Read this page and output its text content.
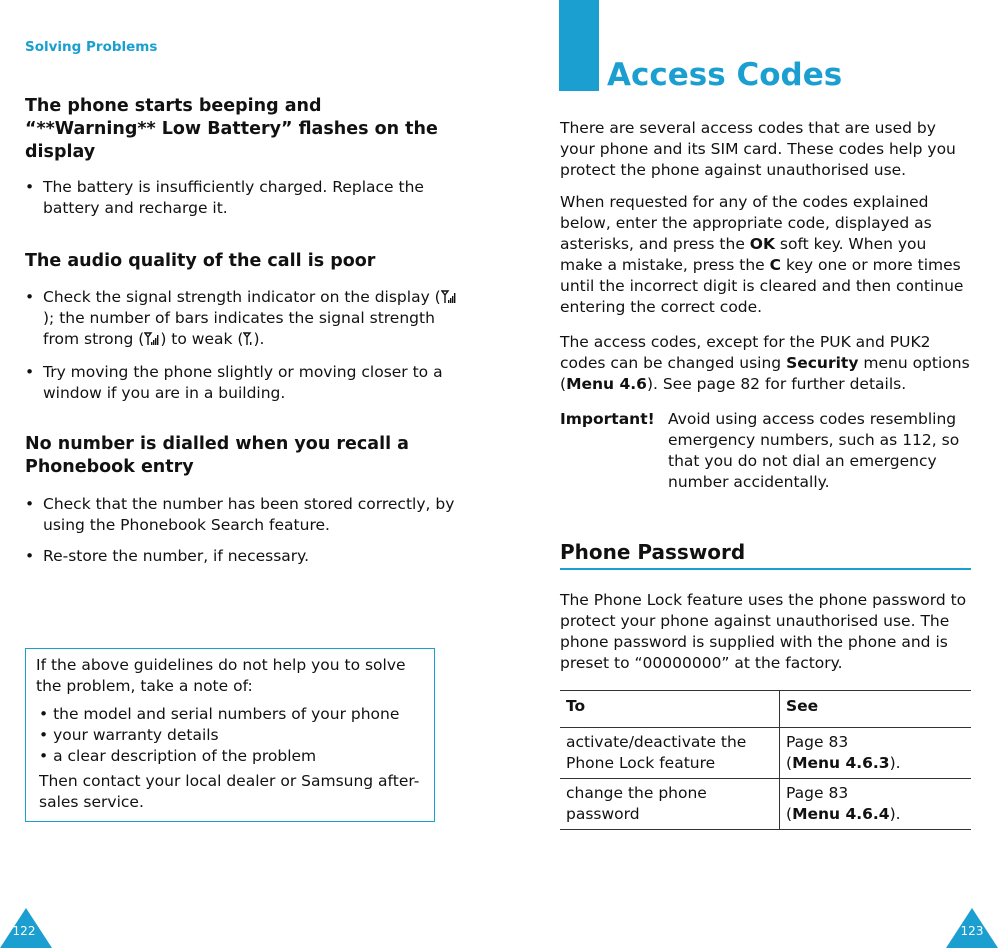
Solving Problems
The phone starts beeping and “**Warning** Low Battery” flashes on the display
• The battery is insufficiently charged. Replace the battery and recharge it.
The audio quality of the call is poor
• Check the signal strength indicator on the display (); the number of bars indicates the signal strength from strong ( ) to weak ( ).
• Try moving the phone slightly or moving closer to a window if you are in a building.
No number is dialled when you recall a Phonebook entry
• Check that the number has been stored correctly, by using the Phonebook Search feature.
• Re-store the number, if necessary.
If the above guidelines do not help you to solve the problem, take a note of:
• the model and serial numbers of your phone
• your warranty details
• a clear description of the problem
Then contact your local dealer or Samsung after-sales service.
122
Access Codes
There are several access codes that are used by your phone and its SIM card. These codes help you protect the phone against unauthorised use.
When requested for any of the codes explained below, enter the appropriate code, displayed as asterisks, and press the OK soft key. When you make a mistake, press the C key one or more times until the incorrect digit is cleared and then continue entering the correct code.
The access codes, except for the PUK and PUK2 codes can be changed using Security menu options (Menu 4.6). See page 82 for further details.
Important! Avoid using access codes resembling emergency numbers, such as 112, so that you do not dial an emergency number accidentally.
Phone Password
The Phone Lock feature uses the phone password to protect your phone against unauthorised use. The phone password is supplied with the phone and is preset to “00000000” at the factory.
To	See
activate/deactivate the Phone Lock feature	Page 83
(Menu 4.6.3).
change the phone password	Page 83
(Menu 4.6.4).
123
